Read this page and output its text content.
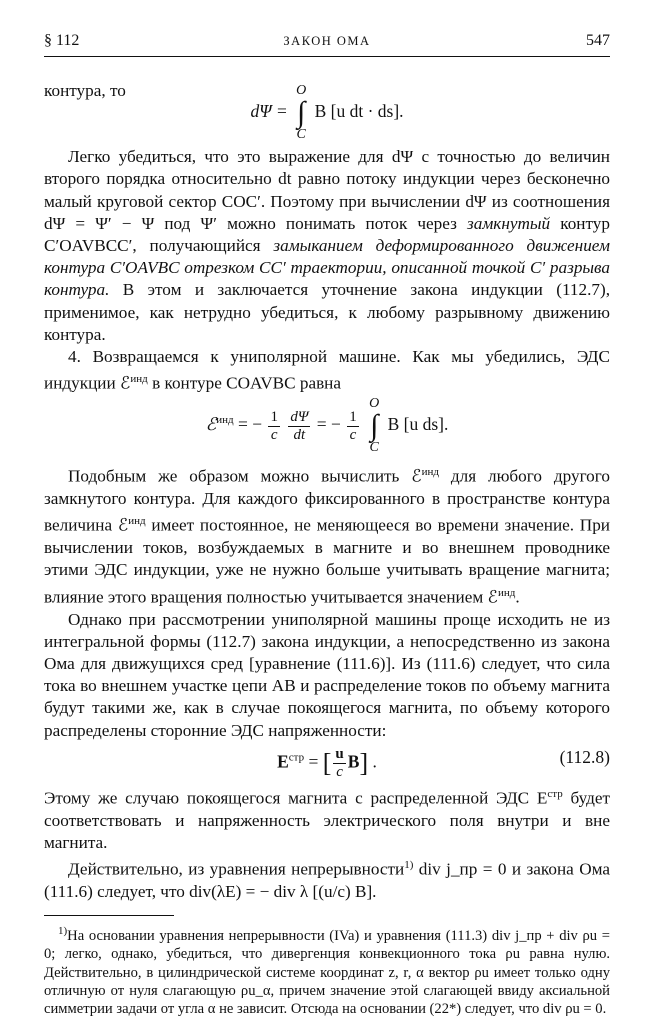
§ 112	ЗАКОН ОМА	547

контура, то

dΨ =
O
∫
C
B [u dt · ds].

Легко убедиться, что это выражение для dΨ с точностью до величин второго порядка относительно dt равно потоку индукции через бесконечно малый круговой сектор COC′. Поэтому при вычислении dΨ из соотношения dΨ = Ψ′ − Ψ под Ψ′ можно понимать поток через замкнутый контур C′OAVBCC′, получающийся замыканием деформированного движением контура C′OAVBC отрезком CC′ траектории, описанной точкой C′ разрыва контура. В этом и заключается уточнение закона индукции (112.7), применимое, как нетрудно убедиться, к любому разрывному движению контура.

4. Возвращаемся к униполярной машине. Как мы убедились, ЭДС индукции ℰ$^{инд}$ в контуре COAVBC равна

ℰ$^{инд}$ = − $\frac{1}{c}$
$\frac{d\Psi}{dt}$ = − $\frac{1}{c}$

O
∫
C
B [u ds].

Подобным же образом можно вычислить ℰ$^{инд}$ для любого другого замкнутого контура. Для каждого фиксированного в пространстве контура величина ℰ$^{инд}$ имеет постоянное, не меняющееся во времени значение. При вычислении токов, возбуждаемых в магните и во внешнем проводнике этими ЭДС индукции, уже не нужно больше учитывать вращение магнита; влияние этого вращения полностью учитывается значением ℰ$^{инд}$.

Однако при рассмотрении униполярной машины проще исходить не из интегральной формы (112.7) закона индукции, а непосредственно из закона Ома для движущихся сред [уравнение (111.6)]. Из (111.6) следует, что сила тока во внешнем участке цепи AB и распределение токов по объему магнита будут такими же, как в случае покоящегося магнита, по объему которого распределены сторонние ЭДС напряженности:

$E^{стр}$ = [ $\frac{u}{c} B$] .	(112.8)

Этому же случаю покоящегося магнита с распределенной ЭДС $E^{стр}$ будет соответствовать и напряженность электрического поля внутри и вне магнита.

Действительно, из уравнения непрерывности$^{1)}$ div j_пр = 0 и закона Ома (111.6) следует, что div(λE) = − div λ [(u/c) B].

$^{1)}$На основании уравнения непрерывности (IVa) и уравнения (111.3) div j_пр + div ρu = 0; легко, однако, убедиться, что дивергенция конвекционного тока ρu равна нулю. Действительно, в цилиндрической системе координат z, r, α вектор ρu имеет только одну отличную от нуля слагающую ρu_α, причем значение этой слагающей ввиду аксиальной симметрии задачи от угла α не зависит. Отсюда на основании (22*) следует, что div ρu = 0.
